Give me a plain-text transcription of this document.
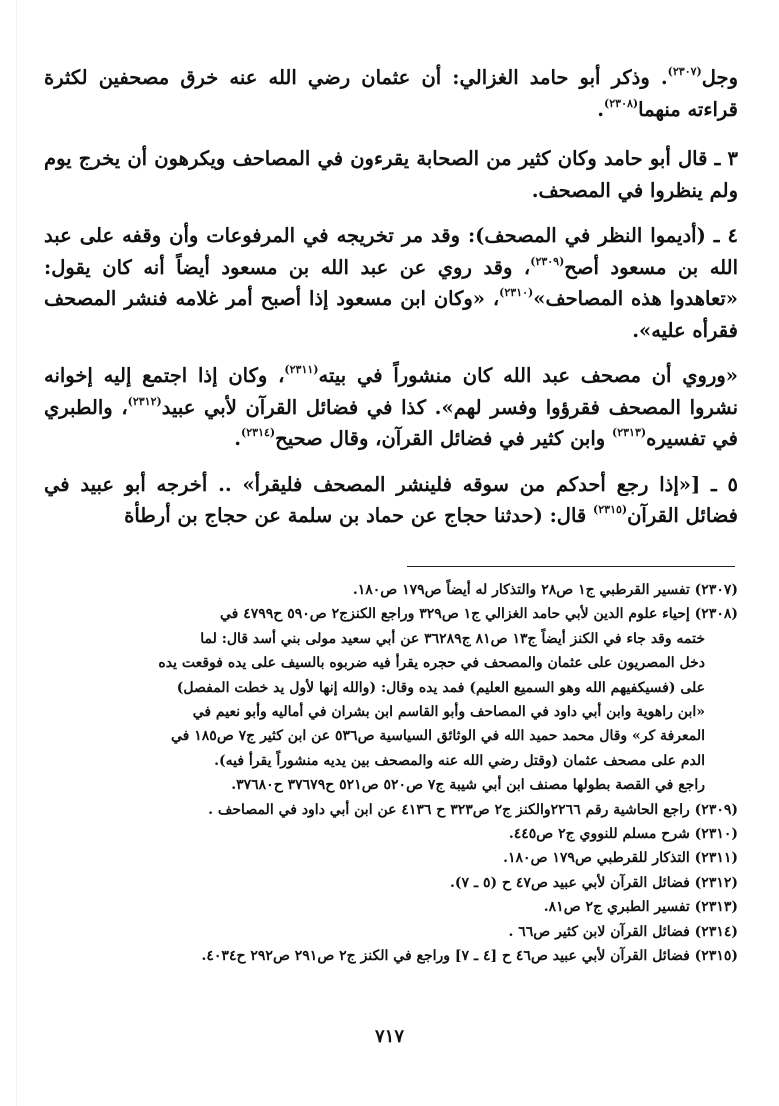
وجل$^{(٢٣٠٧)}$. وذكر أبو حامد الغزالي: أن عثمان رضي الله عنه خرق مصحفين لكثرة قراءته منهما$^{(٢٣٠٨)}$.

٣ ـ قال أبو حامد وكان كثير من الصحابة يقرءون في المصاحف ويكرهون أن يخرج يوم ولم ينظروا في المصحف.

٤ ـ (أديموا النظر في المصحف): وقد مر تخريجه في المرفوعات وأن وقفه على عبد الله بن مسعود أصح$^{(٢٣٠٩)}$، وقد روي عن عبد الله بن مسعود أيضاً أنه كان يقول: «تعاهدوا هذه المصاحف»$^{(٢٣١٠)}$، «وكان ابن مسعود إذا أصبح أمر غلامه فنشر المصحف فقرأه عليه».

«وروي أن مصحف عبد الله كان منشوراً في بيته$^{(٢٣١١)}$، وكان إذا اجتمع إليه إخوانه نشروا المصحف فقرؤوا وفسر لهم». كذا في فضائل القرآن لأبي عبيد$^{(٢٣١٢)}$، والطبري في تفسيره$^{(٢٣١٣)}$ وابن كثير في فضائل القرآن، وقال صحيح$^{(٢٣١٤)}$.

٥ ـ [«إذا رجع أحدكم من سوقه فلينشر المصحف فليقرأ» .. أخرجه أبو عبيد في فضائل القرآن$^{(٢٣١٥)}$ قال: (حدثنا حجاج عن حماد بن سلمة عن حجاج بن أرطأة

(٢٣٠٧) تفسير القرطبي ج١ ص٢٨ والتذكار له أيضاً ص١٧٩ ص١٨٠.

(٢٣٠٨) إحياء علوم الدين لأبي حامد الغزالي ج١ ص٣٢٩ وراجع الكنزج٢ ص٥٩٠ ح٤٧٩٩ في
ختمه وقد جاء في الكنز أيضاً ج١٣ ص٨١ ج٣٦٢٨٩ عن أبي سعيد مولى بني أسد قال: لما
دخل المصريون على عثمان والمصحف في حجره يقرأ فيه ضربوه بالسيف على يده فوقعت يده
على (فسيكفيهم الله وهو السميع العليم) فمد يده وقال: (والله إنها لأول يد خطت المفصل)
«ابن راهوية وابن أبي داود في المصاحف وأبو القاسم ابن بشران في أماليه وأبو نعيم في
المعرفة كر» وقال محمد حميد الله في الوثائق السياسية ص٥٣٦ عن ابن كثير ج٧ ص١٨٥ في
الدم على مصحف عثمان (وقتل رضي الله عنه والمصحف بين يديه منشوراً يقرأ فيه).
راجع في القصة بطولها مصنف ابن أبي شيبة ج٧ ص٥٢٠ ص٥٢١ ح٣٧٦٧٩ ح٣٧٦٨٠.

(٢٣٠٩) راجع الحاشية رقم ٢٢٦٦والكنز ج٢ ص٣٢٣ ح ٤١٣٦ عن ابن أبي داود في المصاحف .

(٢٣١٠) شرح مسلم للنووي ج٢ ص٤٤٥.

(٢٣١١) التذكار للقرطبي ص١٧٩ ص١٨٠.

(٢٣١٢) فضائل القرآن لأبي عبيد ص٤٧ ح (٥ ـ ٧).

(٢٣١٣) تفسير الطبري ج٢ ص٨١.

(٢٣١٤) فضائل القرآن لابن كثير ص٦٦ .

(٢٣١٥) فضائل القرآن لأبي عبيد ص٤٦ ح [٤ ـ ٧] وراجع في الكنز ج٢ ص٢٩١ ص٢٩٢ ح٤٠٣٤.

٧١٧
